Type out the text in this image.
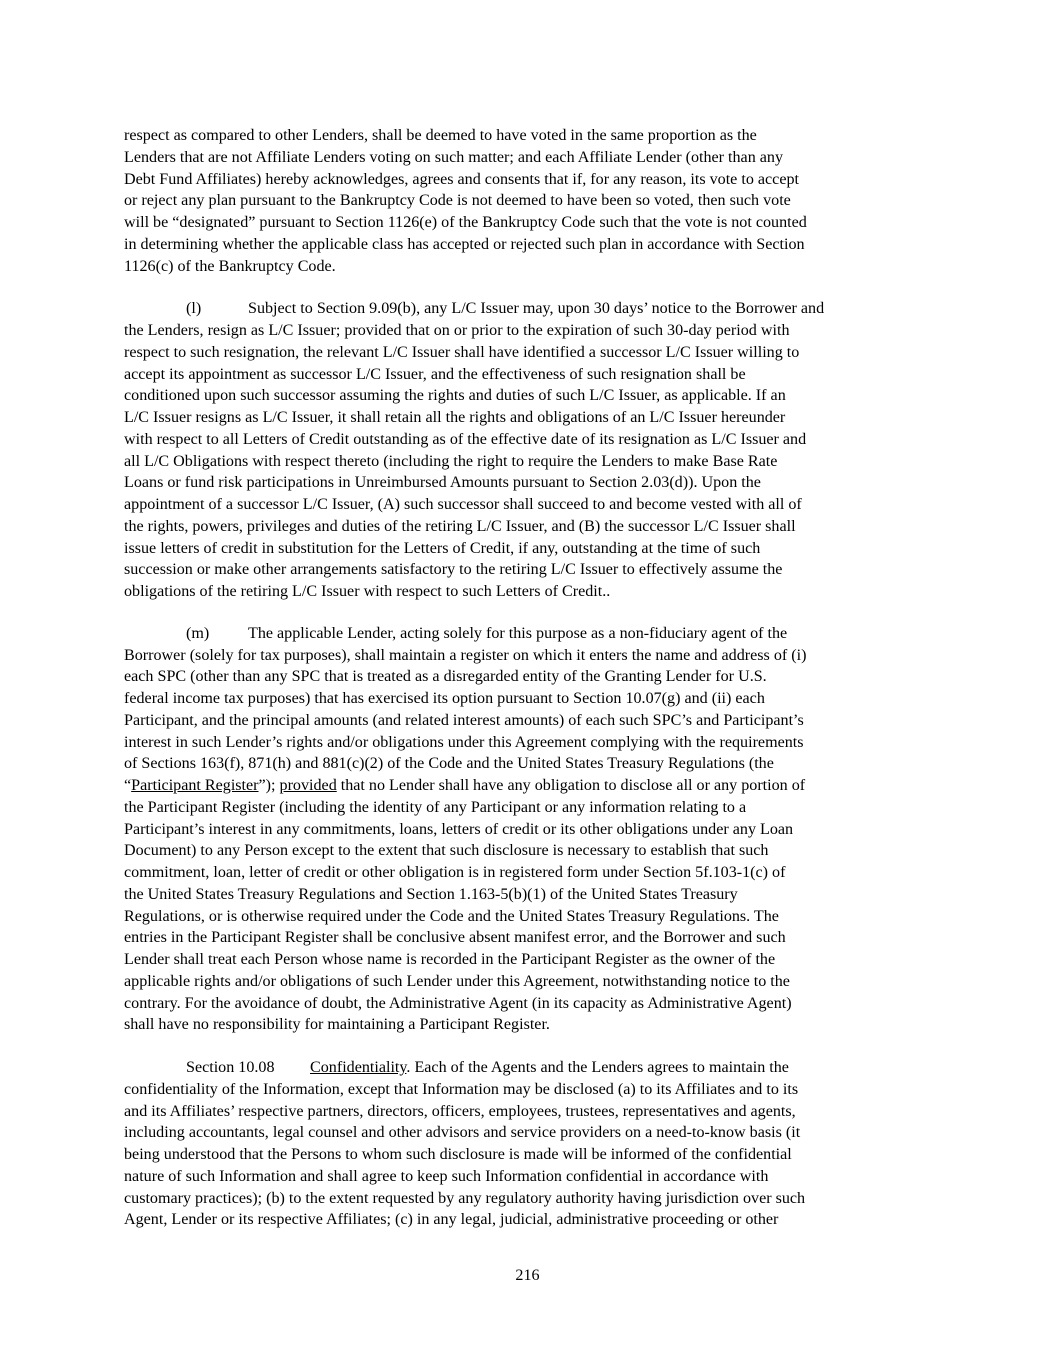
respect as compared to other Lenders, shall be deemed to have voted in the same proportion as the
Lenders that are not Affiliate Lenders voting on such matter; and each Affiliate Lender (other than any
Debt Fund Affiliates) hereby acknowledges, agrees and consents that if, for any reason, its vote to accept
or reject any plan pursuant to the Bankruptcy Code is not deemed to have been so voted, then such vote
will be “designated” pursuant to Section 1126(e) of the Bankruptcy Code such that the vote is not counted
in determining whether the applicable class has accepted or rejected such plan in accordance with Section
1126(c) of the Bankruptcy Code.

(l)	Subject to Section 9.09(b), any L/C Issuer may, upon 30 days’ notice to the Borrower and
the Lenders, resign as L/C Issuer; provided that on or prior to the expiration of such 30-day period with
respect to such resignation, the relevant L/C Issuer shall have identified a successor L/C Issuer willing to
accept its appointment as successor L/C Issuer, and the effectiveness of such resignation shall be
conditioned upon such successor assuming the rights and duties of such L/C Issuer, as applicable. If an
L/C Issuer resigns as L/C Issuer, it shall retain all the rights and obligations of an L/C Issuer hereunder
with respect to all Letters of Credit outstanding as of the effective date of its resignation as L/C Issuer and
all L/C Obligations with respect thereto (including the right to require the Lenders to make Base Rate
Loans or fund risk participations in Unreimbursed Amounts pursuant to Section 2.03(d)). Upon the
appointment of a successor L/C Issuer, (A) such successor shall succeed to and become vested with all of
the rights, powers, privileges and duties of the retiring L/C Issuer, and (B) the successor L/C Issuer shall
issue letters of credit in substitution for the Letters of Credit, if any, outstanding at the time of such
succession or make other arrangements satisfactory to the retiring L/C Issuer to effectively assume the
obligations of the retiring L/C Issuer with respect to such Letters of Credit..

(m) The applicable Lender, acting solely for this purpose as a non-fiduciary agent of the
Borrower (solely for tax purposes), shall maintain a register on which it enters the name and address of (i)
each SPC (other than any SPC that is treated as a disregarded entity of the Granting Lender for U.S.
federal income tax purposes) that has exercised its option pursuant to Section 10.07(g) and (ii) each
Participant, and the principal amounts (and related interest amounts) of each such SPC’s and Participant’s
interest in such Lender’s rights and/or obligations under this Agreement complying with the requirements
of Sections 163(f), 871(h) and 881(c)(2) of the Code and the United States Treasury Regulations (the
“Participant Register”); provided that no Lender shall have any obligation to disclose all or any portion of
the Participant Register (including the identity of any Participant or any information relating to a
Participant’s interest in any commitments, loans, letters of credit or its other obligations under any Loan
Document) to any Person except to the extent that such disclosure is necessary to establish that such
commitment, loan, letter of credit or other obligation is in registered form under Section 5f.103-1(c) of
the United States Treasury Regulations and Section 1.163-5(b)(1) of the United States Treasury
Regulations, or is otherwise required under the Code and the United States Treasury Regulations. The
entries in the Participant Register shall be conclusive absent manifest error, and the Borrower and such
Lender shall treat each Person whose name is recorded in the Participant Register as the owner of the
applicable rights and/or obligations of such Lender under this Agreement, notwithstanding notice to the
contrary. For the avoidance of doubt, the Administrative Agent (in its capacity as Administrative Agent)
shall have no responsibility for maintaining a Participant Register.

Section 10.08 Confidentiality. Each of the Agents and the Lenders agrees to maintain the
confidentiality of the Information, except that Information may be disclosed (a) to its Affiliates and to its
and its Affiliates’ respective partners, directors, officers, employees, trustees, representatives and agents,
including accountants, legal counsel and other advisors and service providers on a need-to-know basis (it
being understood that the Persons to whom such disclosure is made will be informed of the confidential
nature of such Information and shall agree to keep such Information confidential in accordance with
customary practices); (b) to the extent requested by any regulatory authority having jurisdiction over such
Agent, Lender or its respective Affiliates; (c) in any legal, judicial, administrative proceeding or other

216
